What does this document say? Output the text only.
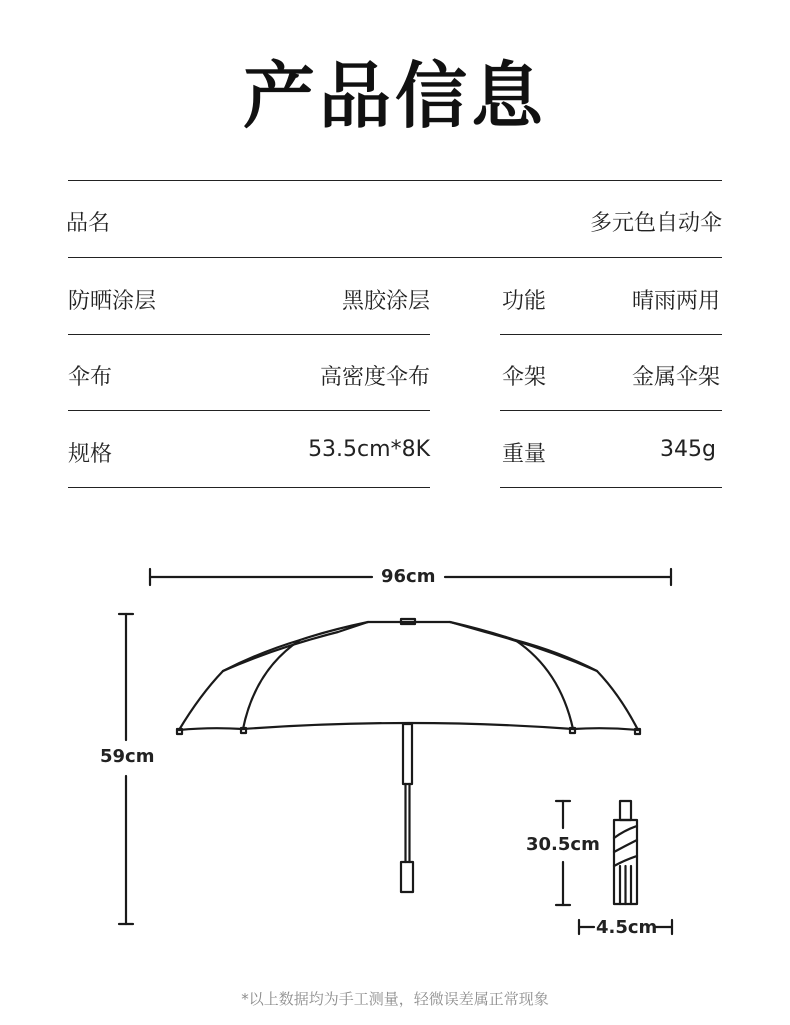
产品信息
品名	多元色自动伞
防晒涂层	黑胶涂层
伞布	高密度伞布
规格	53.5cm*8K
功能	晴雨两用
伞架	金属伞架
重量	345g
96cm
59cm
30.5cm
4.5cm
*以上数据均为手工测量，轻微误差属正常现象
